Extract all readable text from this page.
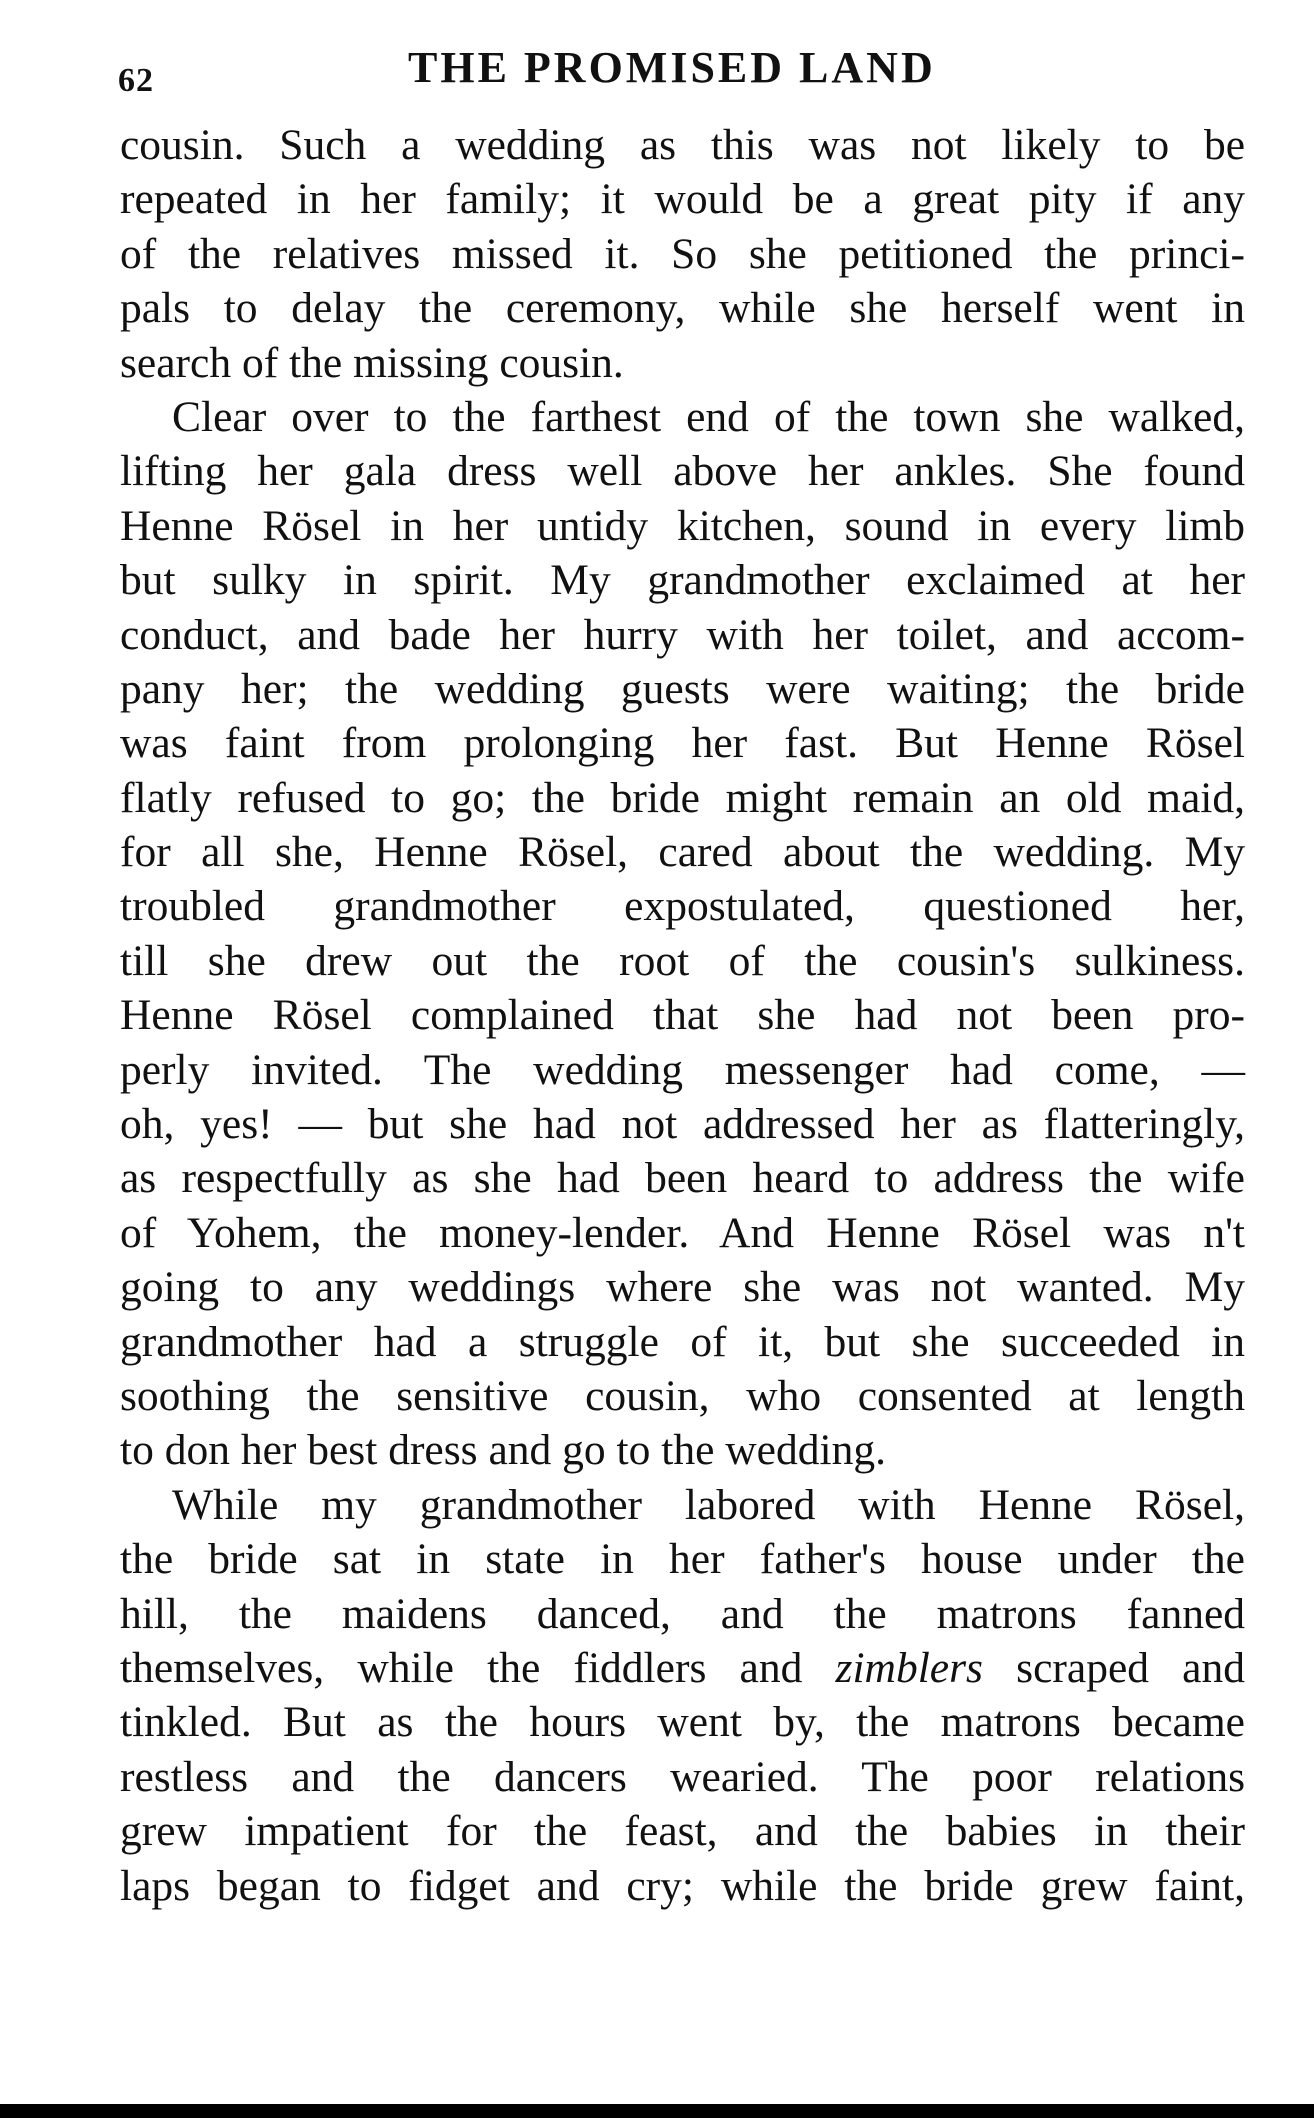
62	THE PROMISED LAND
cousin. Such a wedding as this was not likely to be
repeated in her family; it would be a great pity if any
of the relatives missed it. So she petitioned the princi-
pals to delay the ceremony, while she herself went in
search of the missing cousin.
Clear over to the farthest end of the town she walked,
lifting her gala dress well above her ankles. She found
Henne Rösel in her untidy kitchen, sound in every limb
but sulky in spirit. My grandmother exclaimed at her
conduct, and bade her hurry with her toilet, and accom-
pany her; the wedding guests were waiting; the bride
was faint from prolonging her fast. But Henne Rösel
flatly refused to go; the bride might remain an old maid,
for all she, Henne Rösel, cared about the wedding. My
troubled grandmother expostulated, questioned her,
till she drew out the root of the cousin's sulkiness.
Henne Rösel complained that she had not been pro-
perly invited. The wedding messenger had come, —
oh, yes! — but she had not addressed her as flatteringly,
as respectfully as she had been heard to address the wife
of Yohem, the money-lender. And Henne Rösel was n't
going to any weddings where she was not wanted. My
grandmother had a struggle of it, but she succeeded in
soothing the sensitive cousin, who consented at length
to don her best dress and go to the wedding.
While my grandmother labored with Henne Rösel,
the bride sat in state in her father's house under the
hill, the maidens danced, and the matrons fanned
themselves, while the fiddlers and zimblers scraped and
tinkled. But as the hours went by, the matrons became
restless and the dancers wearied. The poor relations
grew impatient for the feast, and the babies in their
laps began to fidget and cry; while the bride grew faint,
